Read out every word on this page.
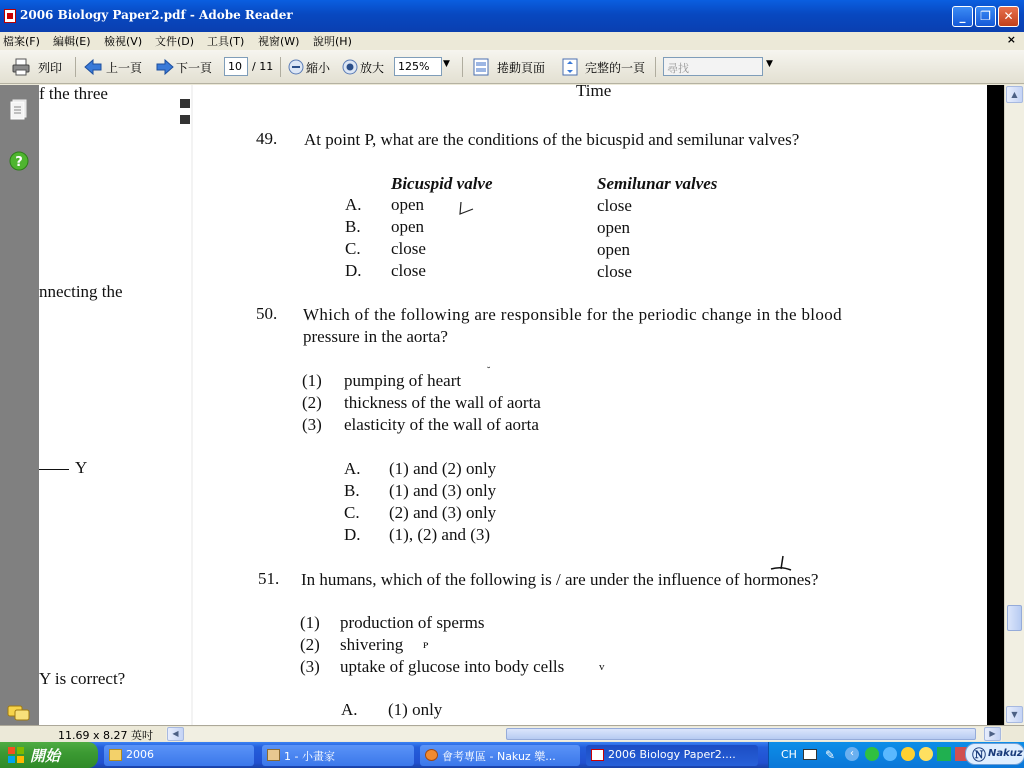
2006 Biology Paper2.pdf - Adobe Reader	_	❐	✕
檔案(F) 編輯(E) 檢視(V) 文件(D) 工具(T) 視窗(W) 說明(H)	×
列印	上一頁	下一頁	10 / 11	縮小 放大	125%	▼	捲動頁面	完整的一頁	尋找	▼
?
f the three
nnecting the
Y
Y is correct?
Time
49. At point P, what are the conditions of the bicuspid and semilunar valves?
Bicuspid valve	Semilunar valves
A. open	close
B. open	open
C. close	open
D. close	close
50. Which of the following are responsible for the periodic change in the blood
pressure in the aorta?
(1) pumping of heart
(2) thickness of the wall of aorta
(3) elasticity of the wall of aorta
˘
A. (1) and (2) only
B. (1) and (3) only
C. (2) and (3) only
D. (1), (2) and (3)
51. In humans, which of the following is / are under the influence of hormones?
(1) production of sperms
(2) shivering
(3) uptake of glucose into body cells
ᴘ
v
A. (1) only
▲
▼
11.69 x 8.27 英吋	◀	▶
開始	2006	1 - 小畫家	會考專區 - Nakuz 樂...	2006 Biology Paper2....	CH ✎	‹	Ⓝ Nakuz
